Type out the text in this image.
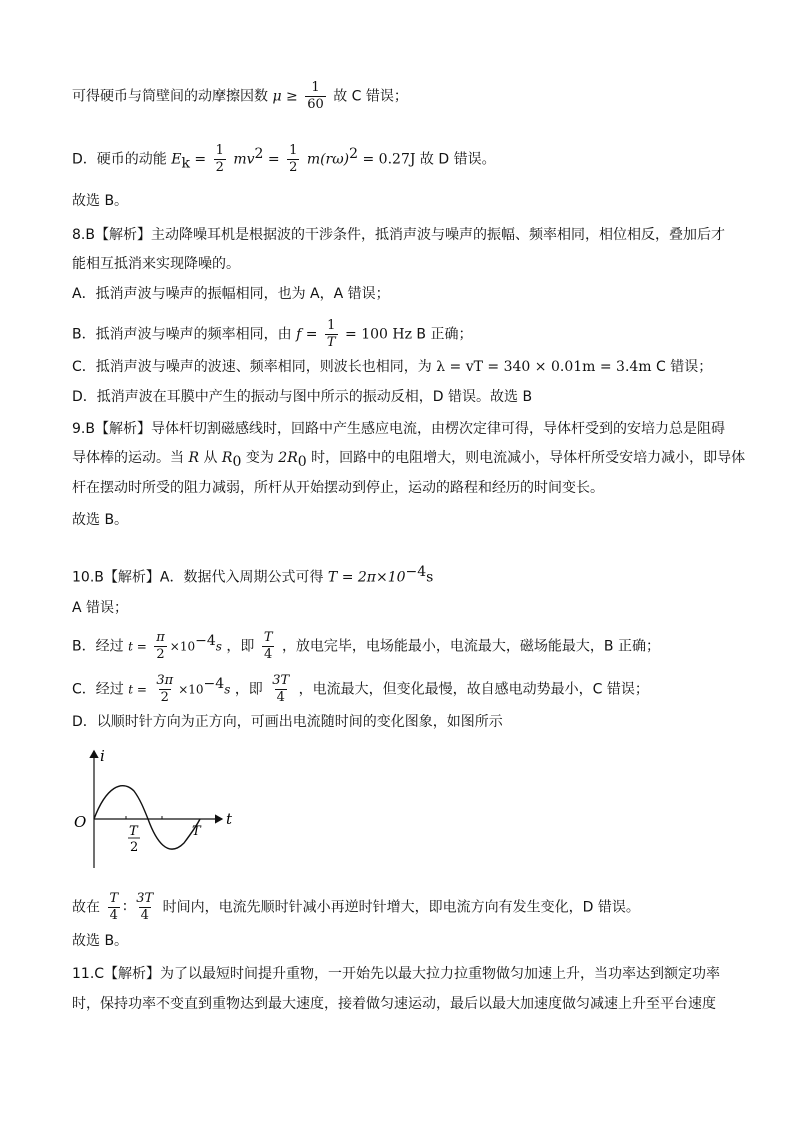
可得硬币与筒壁间的动摩擦因数 $\mu \ge \frac{1}{60}$ 故 C 错误；
D．硬币的动能 $E_k = \frac{1}{2} mv^2 = \frac{1}{2} m(r\omega)^2 = 0.27J$ 故 D 错误。
故选 B。
8.B【解析】主动降噪耳机是根据波的干涉条件，抵消声波与噪声的振幅、频率相同，相位相反，叠加后才
能相互抵消来实现降噪的。
A．抵消声波与噪声的振幅相同，也为 A，A 错误；
B．抵消声波与噪声的频率相同，由 $f = \frac{1}{T} = 100$ Hz B 正确；
C．抵消声波与噪声的波速、频率相同，则波长也相同，为 λ = vT = 340 × 0.01m = 3.4m C 错误；
D．抵消声波在耳膜中产生的振动与图中所示的振动反相，D 错误。故选 B
9.B【解析】导体杆切割磁感线时，回路中产生感应电流，由楞次定律可得，导体杆受到的安培力总是阻碍
导体棒的运动。当 R 从 $R_0$ 变为 $2R_0$ 时，回路中的电阻增大，则电流减小，导体杆所受安培力减小，即导体
杆在摆动时所受的阻力减弱，所杆从开始摆动到停止，运动的路程和经历的时间变长。
故选 B。
10.B【解析】A．数据代入周期公式可得 $T = 2\pi\times 10^{-4}s$
A 错误；
B．经过 $t = \frac{\pi}{2} \times 10^{-4}s$ ，即 $\frac{T}{4}$ ，放电完毕，电场能最小，电流最大，磁场能最大，B 正确；
C．经过 $t = \frac{3\pi}{2} \times 10^{-4}s$ ，即 $\frac{3T}{4}$ ，电流最大，但变化最慢，故自感电动势最小，C 错误；
D．以顺时针方向为正方向，可画出电流随时间的变化图象，如图所示
i
t
O
T
2
T
故在 $\frac{T}{4}$ ∶ $\frac{3T}{4}$ 时间内，电流先顺时针减小再逆时针增大，即电流方向有发生变化，D 错误。
故选 B。
11.C【解析】为了以最短时间提升重物，一开始先以最大拉力拉重物做匀加速上升，当功率达到额定功率
时，保持功率不变直到重物达到最大速度，接着做匀速运动，最后以最大加速度做匀减速上升至平台速度
